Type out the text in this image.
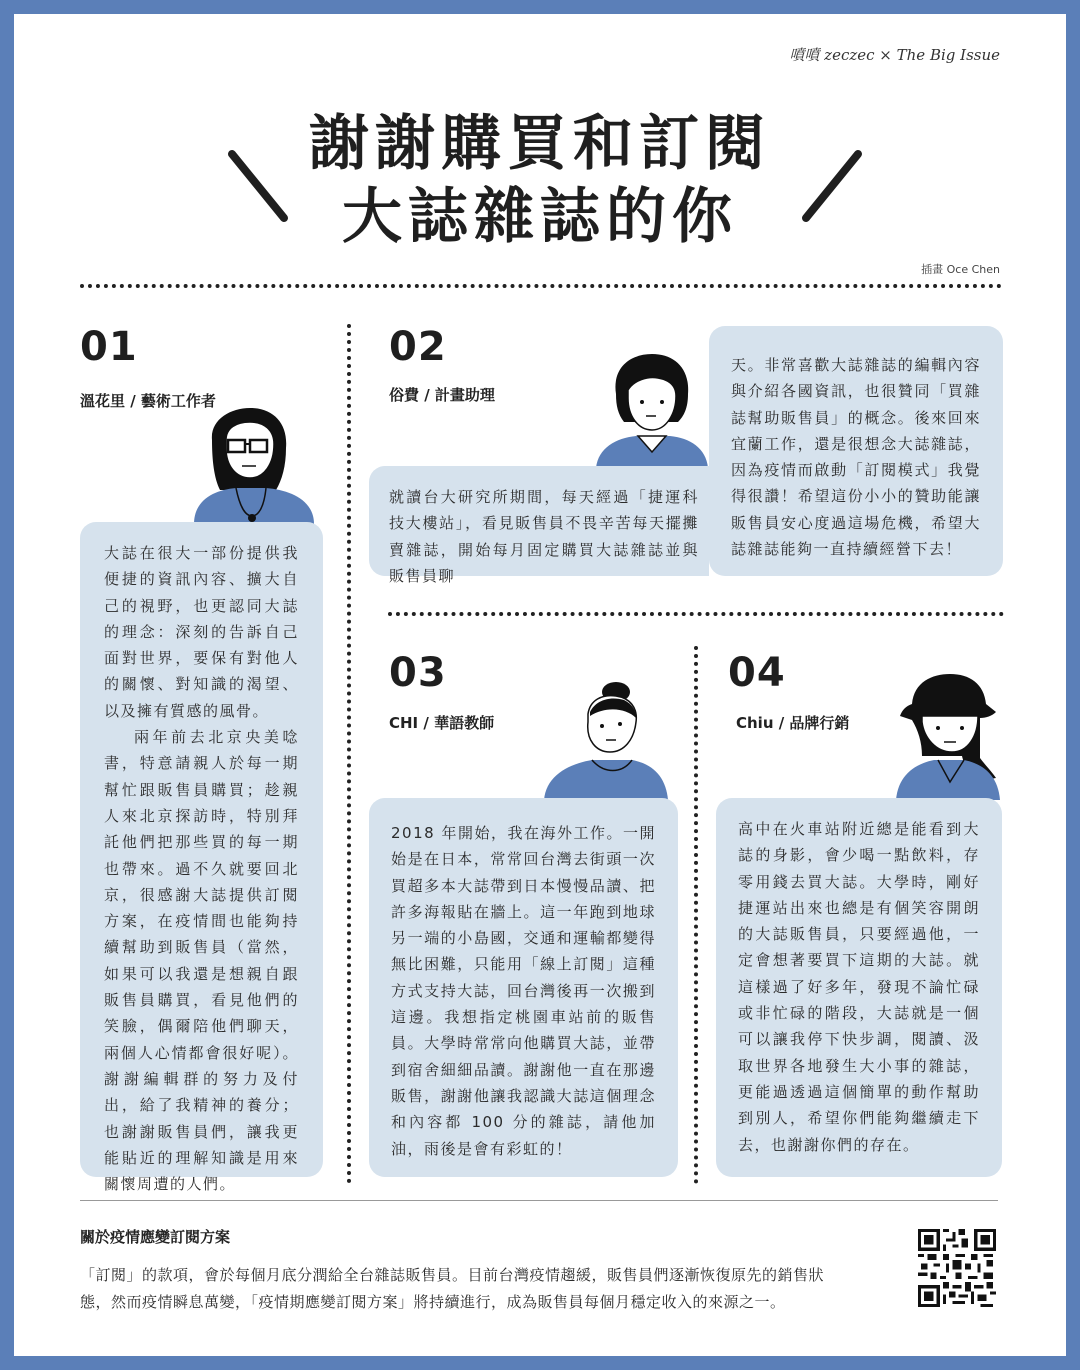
噴噴 zeczec × The Big Issue
謝謝購買和訂閱
大誌雜誌的你
插畫 Oce Chen
01
溫花里 / 藝術工作者

大誌在很大一部份提供我便捷的資訊內容、擴大自己的視野，也更認同大誌的理念：深刻的告訴自己面對世界，要保有對他人的關懷、對知識的渴望、以及擁有質感的風骨。

兩年前去北京央美唸書，特意請親人於每一期幫忙跟販售員購買；趁親人來北京探訪時，特別拜託他們把那些買的每一期也帶來。過不久就要回北京，很感謝大誌提供訂閱方案，在疫情間也能夠持續幫助到販售員（當然，如果可以我還是想親自跟販售員購買，看見他們的笑臉，偶爾陪他們聊天，兩個人心情都會很好呢）。謝謝編輯群的努力及付出，給了我精神的養分；也謝謝販售員們，讓我更能貼近的理解知識是用來關懷周遭的人們。

02
俗費 / 計畫助理

就讀台大研究所期間，每天經過「捷運科技大樓站」，看見販售員不畏辛苦每天擺攤賣雜誌，開始每月固定購買大誌雜誌並與販售員聊

天。非常喜歡大誌雜誌的編輯內容與介紹各國資訊，也很贊同「買雜誌幫助販售員」的概念。後來回來宜蘭工作，還是很想念大誌雜誌，因為疫情而啟動「訂閱模式」我覺得很讚！希望這份小小的贊助能讓販售員安心度過這場危機，希望大誌雜誌能夠一直持續經營下去！

03
CHI / 華語教師

2018 年開始，我在海外工作。一開始是在日本，常常回台灣去街頭一次買超多本大誌帶到日本慢慢品讀、把許多海報貼在牆上。這一年跑到地球另一端的小島國，交通和運輸都變得無比困難，只能用「線上訂閱」這種方式支持大誌，回台灣後再一次搬到這邊。我想指定桃園車站前的販售員。大學時常常向他購買大誌，並帶到宿舍細細品讀。謝謝他一直在那邊販售，謝謝他讓我認識大誌這個理念和內容都 100 分的雜誌，請他加油，雨後是會有彩虹的！

04
Chiu / 品牌行銷

高中在火車站附近總是能看到大誌的身影，會少喝一點飲料，存零用錢去買大誌。大學時，剛好捷運站出來也總是有個笑容開朗的大誌販售員，只要經過他，一定會想著要買下這期的大誌。就這樣過了好多年，發現不論忙碌或非忙碌的階段，大誌就是一個可以讓我停下快步調，閱讀、汲取世界各地發生大小事的雜誌，更能過透過這個簡單的動作幫助到別人，希望你們能夠繼續走下去，也謝謝你們的存在。

關於疫情應變訂閱方案
「訂閱」的款項，會於每個月底分潤給全台雜誌販售員。目前台灣疫情趨緩，販售員們逐漸恢復原先的銷售狀態，然而疫情瞬息萬變，「疫情期應變訂閱方案」將持續進行，成為販售員每個月穩定收入的來源之一。
